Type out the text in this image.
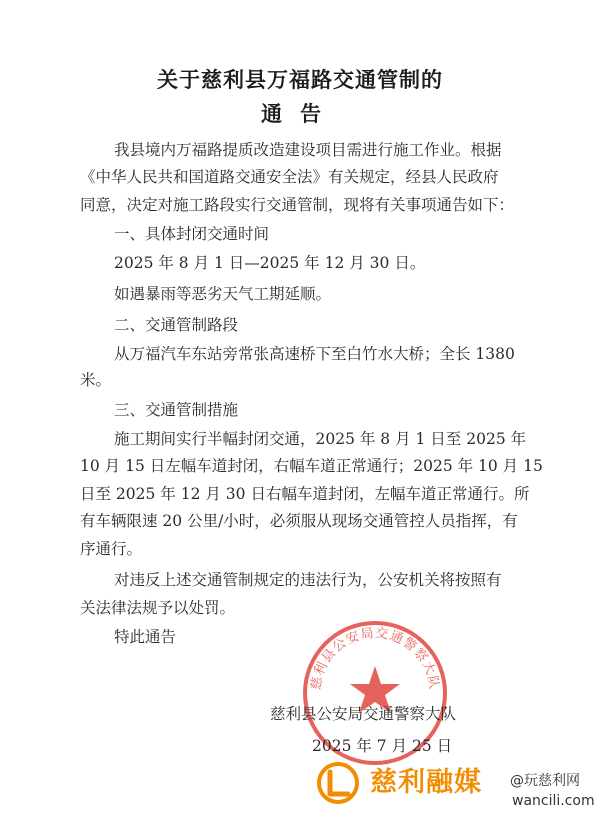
关于慈利县万福路交通管制的
通告
我县境内万福路提质改造建设项目需进行施工作业。根据
《中华人民共和国道路交通安全法》有关规定，经县人民政府
同意，决定对施工路段实行交通管制，现将有关事项通告如下：
一、具体封闭交通时间
2025 年 8 月 1 日—2025 年 12 月 30 日。
如遇暴雨等恶劣天气工期延顺。
二、交通管制路段
从万福汽车东站旁常张高速桥下至白竹水大桥；全长 1380
米。
三、交通管制措施
施工期间实行半幅封闭交通，2025 年 8 月 1 日至 2025 年
10 月 15 日左幅车道封闭，右幅车道正常通行；2025 年 10 月 15
日至 2025 年 12 月 30 日右幅车道封闭，左幅车道正常通行。所
有车辆限速 20 公里/小时，必须服从现场交通管控人员指挥，有
序通行。
对违反上述交通管制规定的违法行为，公安机关将按照有
关法律法规予以处罚。
特此通告
慈利县公安局交通警察大队
慈利县公安局交通警察大队
2025 年 7 月 25 日
慈利融媒 @玩慈利网
wancili.com
